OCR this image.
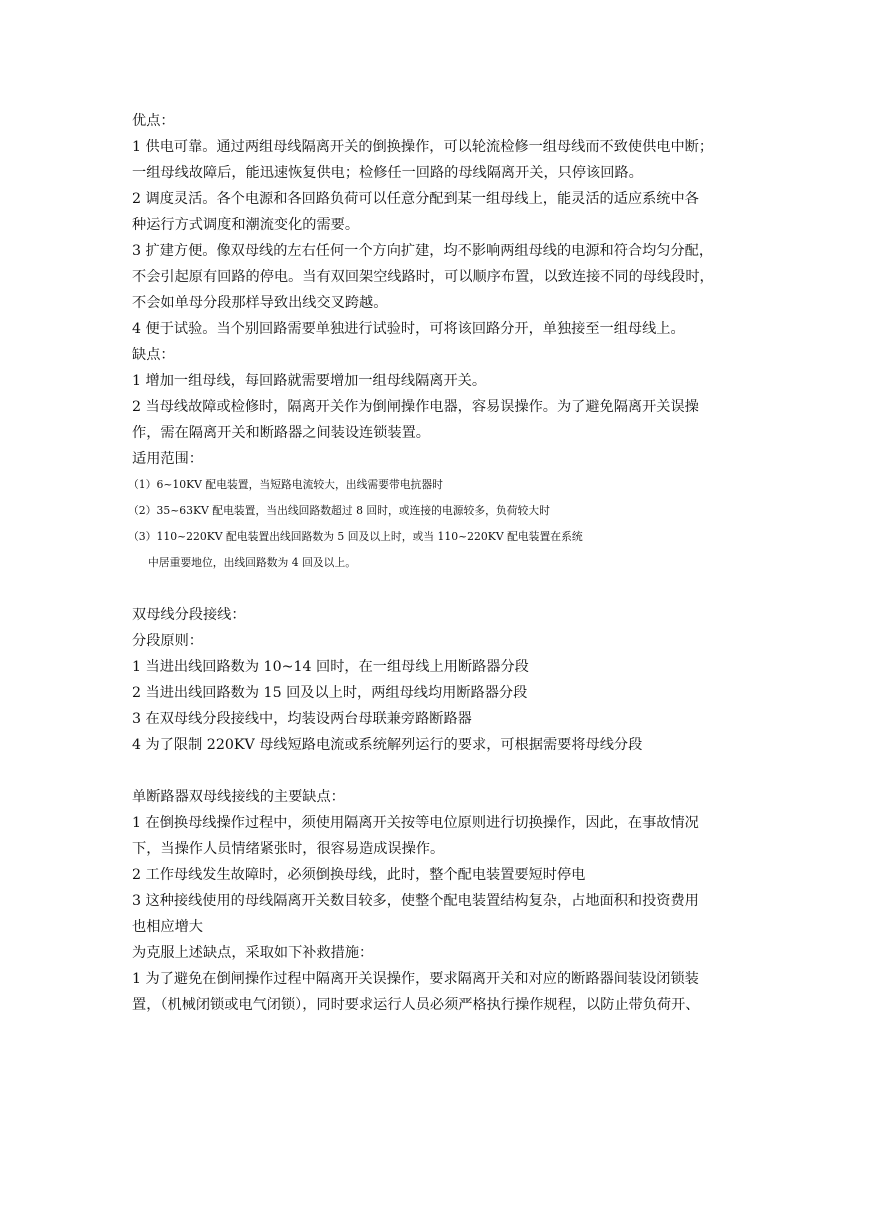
优点：
1 供电可靠。通过两组母线隔离开关的倒换操作，可以轮流检修一组母线而不致使供电中断；
一组母线故障后，能迅速恢复供电；检修任一回路的母线隔离开关，只停该回路。
2 调度灵活。各个电源和各回路负荷可以任意分配到某一组母线上，能灵活的适应系统中各
种运行方式调度和潮流变化的需要。
3 扩建方便。像双母线的左右任何一个方向扩建，均不影响两组母线的电源和符合均匀分配，
不会引起原有回路的停电。当有双回架空线路时，可以顺序布置，以致连接不同的母线段时，
不会如单母分段那样导致出线交叉跨越。
4 便于试验。当个别回路需要单独进行试验时，可将该回路分开，单独接至一组母线上。
缺点：
1 增加一组母线，每回路就需要增加一组母线隔离开关。
2 当母线故障或检修时，隔离开关作为倒闸操作电器，容易误操作。为了避免隔离开关误操
作，需在隔离开关和断路器之间装设连锁装置。
适用范围：
（1）6~10KV 配电装置，当短路电流较大，出线需要带电抗器时
（2）35~63KV 配电装置，当出线回路数超过 8 回时，或连接的电源较多，负荷较大时
（3）110~220KV 配电装置出线回路数为 5 回及以上时，或当 110~220KV 配电装置在系统
中居重要地位，出线回路数为 4 回及以上。
双母线分段接线：
分段原则：
1 当进出线回路数为 10~14 回时，在一组母线上用断路器分段
2 当进出线回路数为 15 回及以上时，两组母线均用断路器分段
3 在双母线分段接线中，均装设两台母联兼旁路断路器
4 为了限制 220KV 母线短路电流或系统解列运行的要求，可根据需要将母线分段
单断路器双母线接线的主要缺点：
1 在倒换母线操作过程中，须使用隔离开关按等电位原则进行切换操作，因此，在事故情况
下，当操作人员情绪紧张时，很容易造成误操作。
2 工作母线发生故障时，必须倒换母线，此时，整个配电装置要短时停电
3 这种接线使用的母线隔离开关数目较多，使整个配电装置结构复杂，占地面积和投资费用
也相应增大
为克服上述缺点，采取如下补救措施：
1 为了避免在倒闸操作过程中隔离开关误操作，要求隔离开关和对应的断路器间装设闭锁装
置，（机械闭锁或电气闭锁），同时要求运行人员必须严格执行操作规程，以防止带负荷开、
